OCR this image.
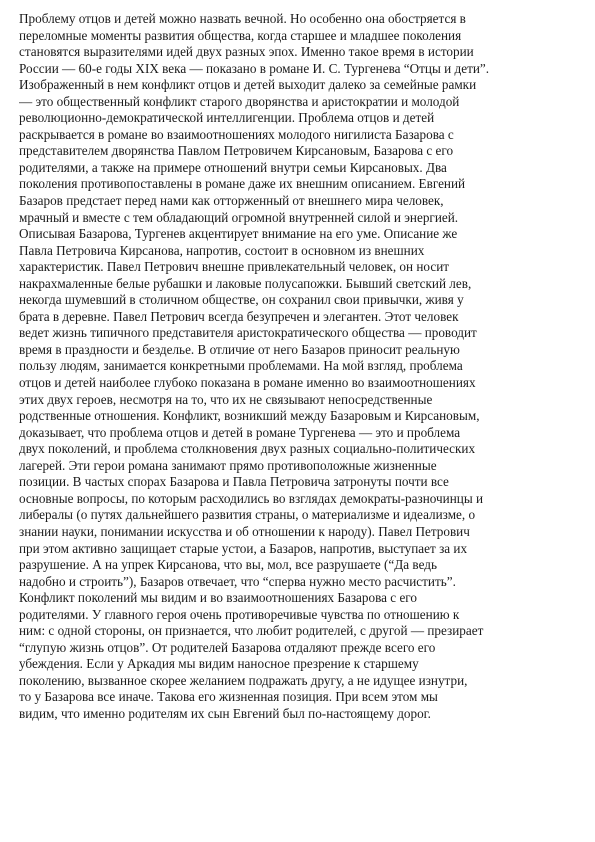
Проблему отцов и детей можно назвать вечной. Но особенно она обостряется в
переломные моменты развития общества, когда старшее и младшее поколения
становятся выразителями идей двух разных эпох. Именно такое время в истории
России — 60-е годы XIX века — показано в романе И. С. Тургенева “Отцы и дети”.
Изображенный в нем конфликт отцов и детей выходит далеко за семейные рамки
— это общественный конфликт старого дворянства и аристократии и молодой
революционно-демократической интеллигенции. Проблема отцов и детей
раскрывается в романе во взаимоотношениях молодого нигилиста Базарова с
представителем дворянства Павлом Петровичем Кирсановым, Базарова с его
родителями, а также на примере отношений внутри семьи Кирсановых. Два
поколения противопоставлены в романе даже их внешним описанием. Евгений
Базаров предстает перед нами как отторженный от внешнего мира человек,
мрачный и вместе с тем обладающий огромной внутренней силой и энергией.
Описывая Базарова, Тургенев акцентирует внимание на его уме. Описание же
Павла Петровича Кирсанова, напротив, состоит в основном из внешних
характеристик. Павел Петрович внешне привлекательный человек, он носит
накрахмаленные белые рубашки и лаковые полусапожки. Бывший светский лев,
некогда шумевший в столичном обществе, он сохранил свои привычки, живя у
брата в деревне. Павел Петрович всегда безупречен и элегантен. Этот человек
ведет жизнь типичного представителя аристократического общества — проводит
время в праздности и безделье. В отличие от него Базаров приносит реальную
пользу людям, занимается конкретными проблемами. На мой взгляд, проблема
отцов и детей наиболее глубоко показана в романе именно во взаимоотношениях
этих двух героев, несмотря на то, что их не связывают непосредственные
родственные отношения. Конфликт, возникший между Базаровым и Кирсановым,
доказывает, что проблема отцов и детей в романе Тургенева — это и проблема
двух поколений, и проблема столкновения двух разных социально-политических
лагерей. Эти герои романа занимают прямо противоположные жизненные
позиции. В частых спорах Базарова и Павла Петровича затронуты почти все
основные вопросы, по которым расходились во взглядах демократы-разночинцы и
либералы (о путях дальнейшего развития страны, о материализме и идеализме, о
знании науки, понимании искусства и об отношении к народу). Павел Петрович
при этом активно защищает старые устои, а Базаров, напротив, выступает за их
разрушение. А на упрек Кирсанова, что вы, мол, все разрушаете (“Да ведь
надобно и строить”), Базаров отвечает, что “сперва нужно место расчистить”.
Конфликт поколений мы видим и во взаимоотношениях Базарова с его
родителями. У главного героя очень противоречивые чувства по отношению к
ним: с одной стороны, он признается, что любит родителей, с другой — презирает
“глупую жизнь отцов”. От родителей Базарова отдаляют прежде всего его
убеждения. Если у Аркадия мы видим наносное презрение к старшему
поколению, вызванное скорее желанием подражать другу, а не идущее изнутри,
то у Базарова все иначе. Такова его жизненная позиция. При всем этом мы
видим, что именно родителям их сын Евгений был по-настоящему дорог.
